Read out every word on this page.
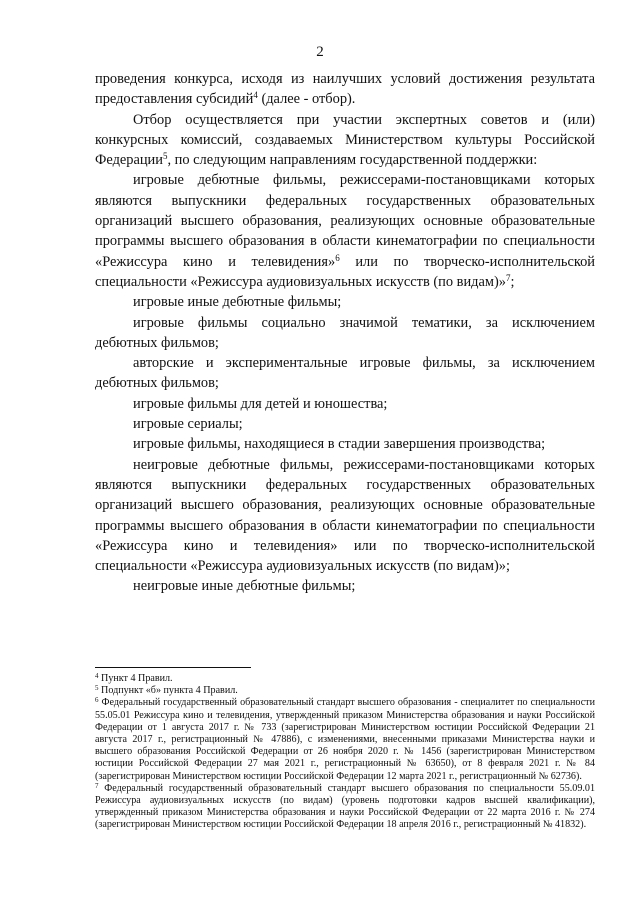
2

проведения конкурса, исходя из наилучших условий достижения результата предоставления субсидий$^4$ (далее - отбор).

Отбор осуществляется при участии экспертных советов и (или) конкурсных комиссий, создаваемых Министерством культуры Российской Федерации$^5$, по следующим направлениям государственной поддержки:

игровые дебютные фильмы, режиссерами-постановщиками которых являются выпускники федеральных государственных образовательных организаций высшего образования, реализующих основные образовательные программы высшего образования в области кинематографии по специальности «Режиссура кино и телевидения»$^6$ или по творческо-исполнительской специальности «Режиссура аудиовизуальных искусств (по видам)»$^7$;

игровые иные дебютные фильмы;

игровые фильмы социально значимой тематики, за исключением дебютных фильмов;

авторские и экспериментальные игровые фильмы, за исключением дебютных фильмов;

игровые фильмы для детей и юношества;

игровые сериалы;

игровые фильмы, находящиеся в стадии завершения производства;

неигровые дебютные фильмы, режиссерами-постановщиками которых являются выпускники федеральных государственных образовательных организаций высшего образования, реализующих основные образовательные программы высшего образования в области кинематографии по специальности «Режиссура кино и телевидения» или по творческо-исполнительской специальности «Режиссура аудиовизуальных искусств (по видам)»;

неигровые иные дебютные фильмы;

$^4$ Пункт 4 Правил.

$^5$ Подпункт «б» пункта 4 Правил.

$^6$ Федеральный государственный образовательный стандарт высшего образования - специалитет по специальности 55.05.01 Режиссура кино и телевидения, утвержденный приказом Министерства образования и науки Российской Федерации от 1 августа 2017 г. № 733 (зарегистрирован Министерством юстиции Российской Федерации 21 августа 2017 г., регистрационный № 47886), с изменениями, внесенными приказами Министерства науки и высшего образования Российской Федерации от 26 ноября 2020 г. № 1456 (зарегистрирован Министерством юстиции Российской Федерации 27 мая 2021 г., регистрационный № 63650), от 8 февраля 2021 г. № 84 (зарегистрирован Министерством юстиции Российской Федерации 12 марта 2021 г., регистрационный № 62736).

$^7$ Федеральный государственный образовательный стандарт высшего образования по специальности 55.09.01 Режиссура аудиовизуальных искусств (по видам) (уровень подготовки кадров высшей квалификации), утвержденный приказом Министерства образования и науки Российской Федерации от 22 марта 2016 г. № 274 (зарегистрирован Министерством юстиции Российской Федерации 18 апреля 2016 г., регистрационный № 41832).
